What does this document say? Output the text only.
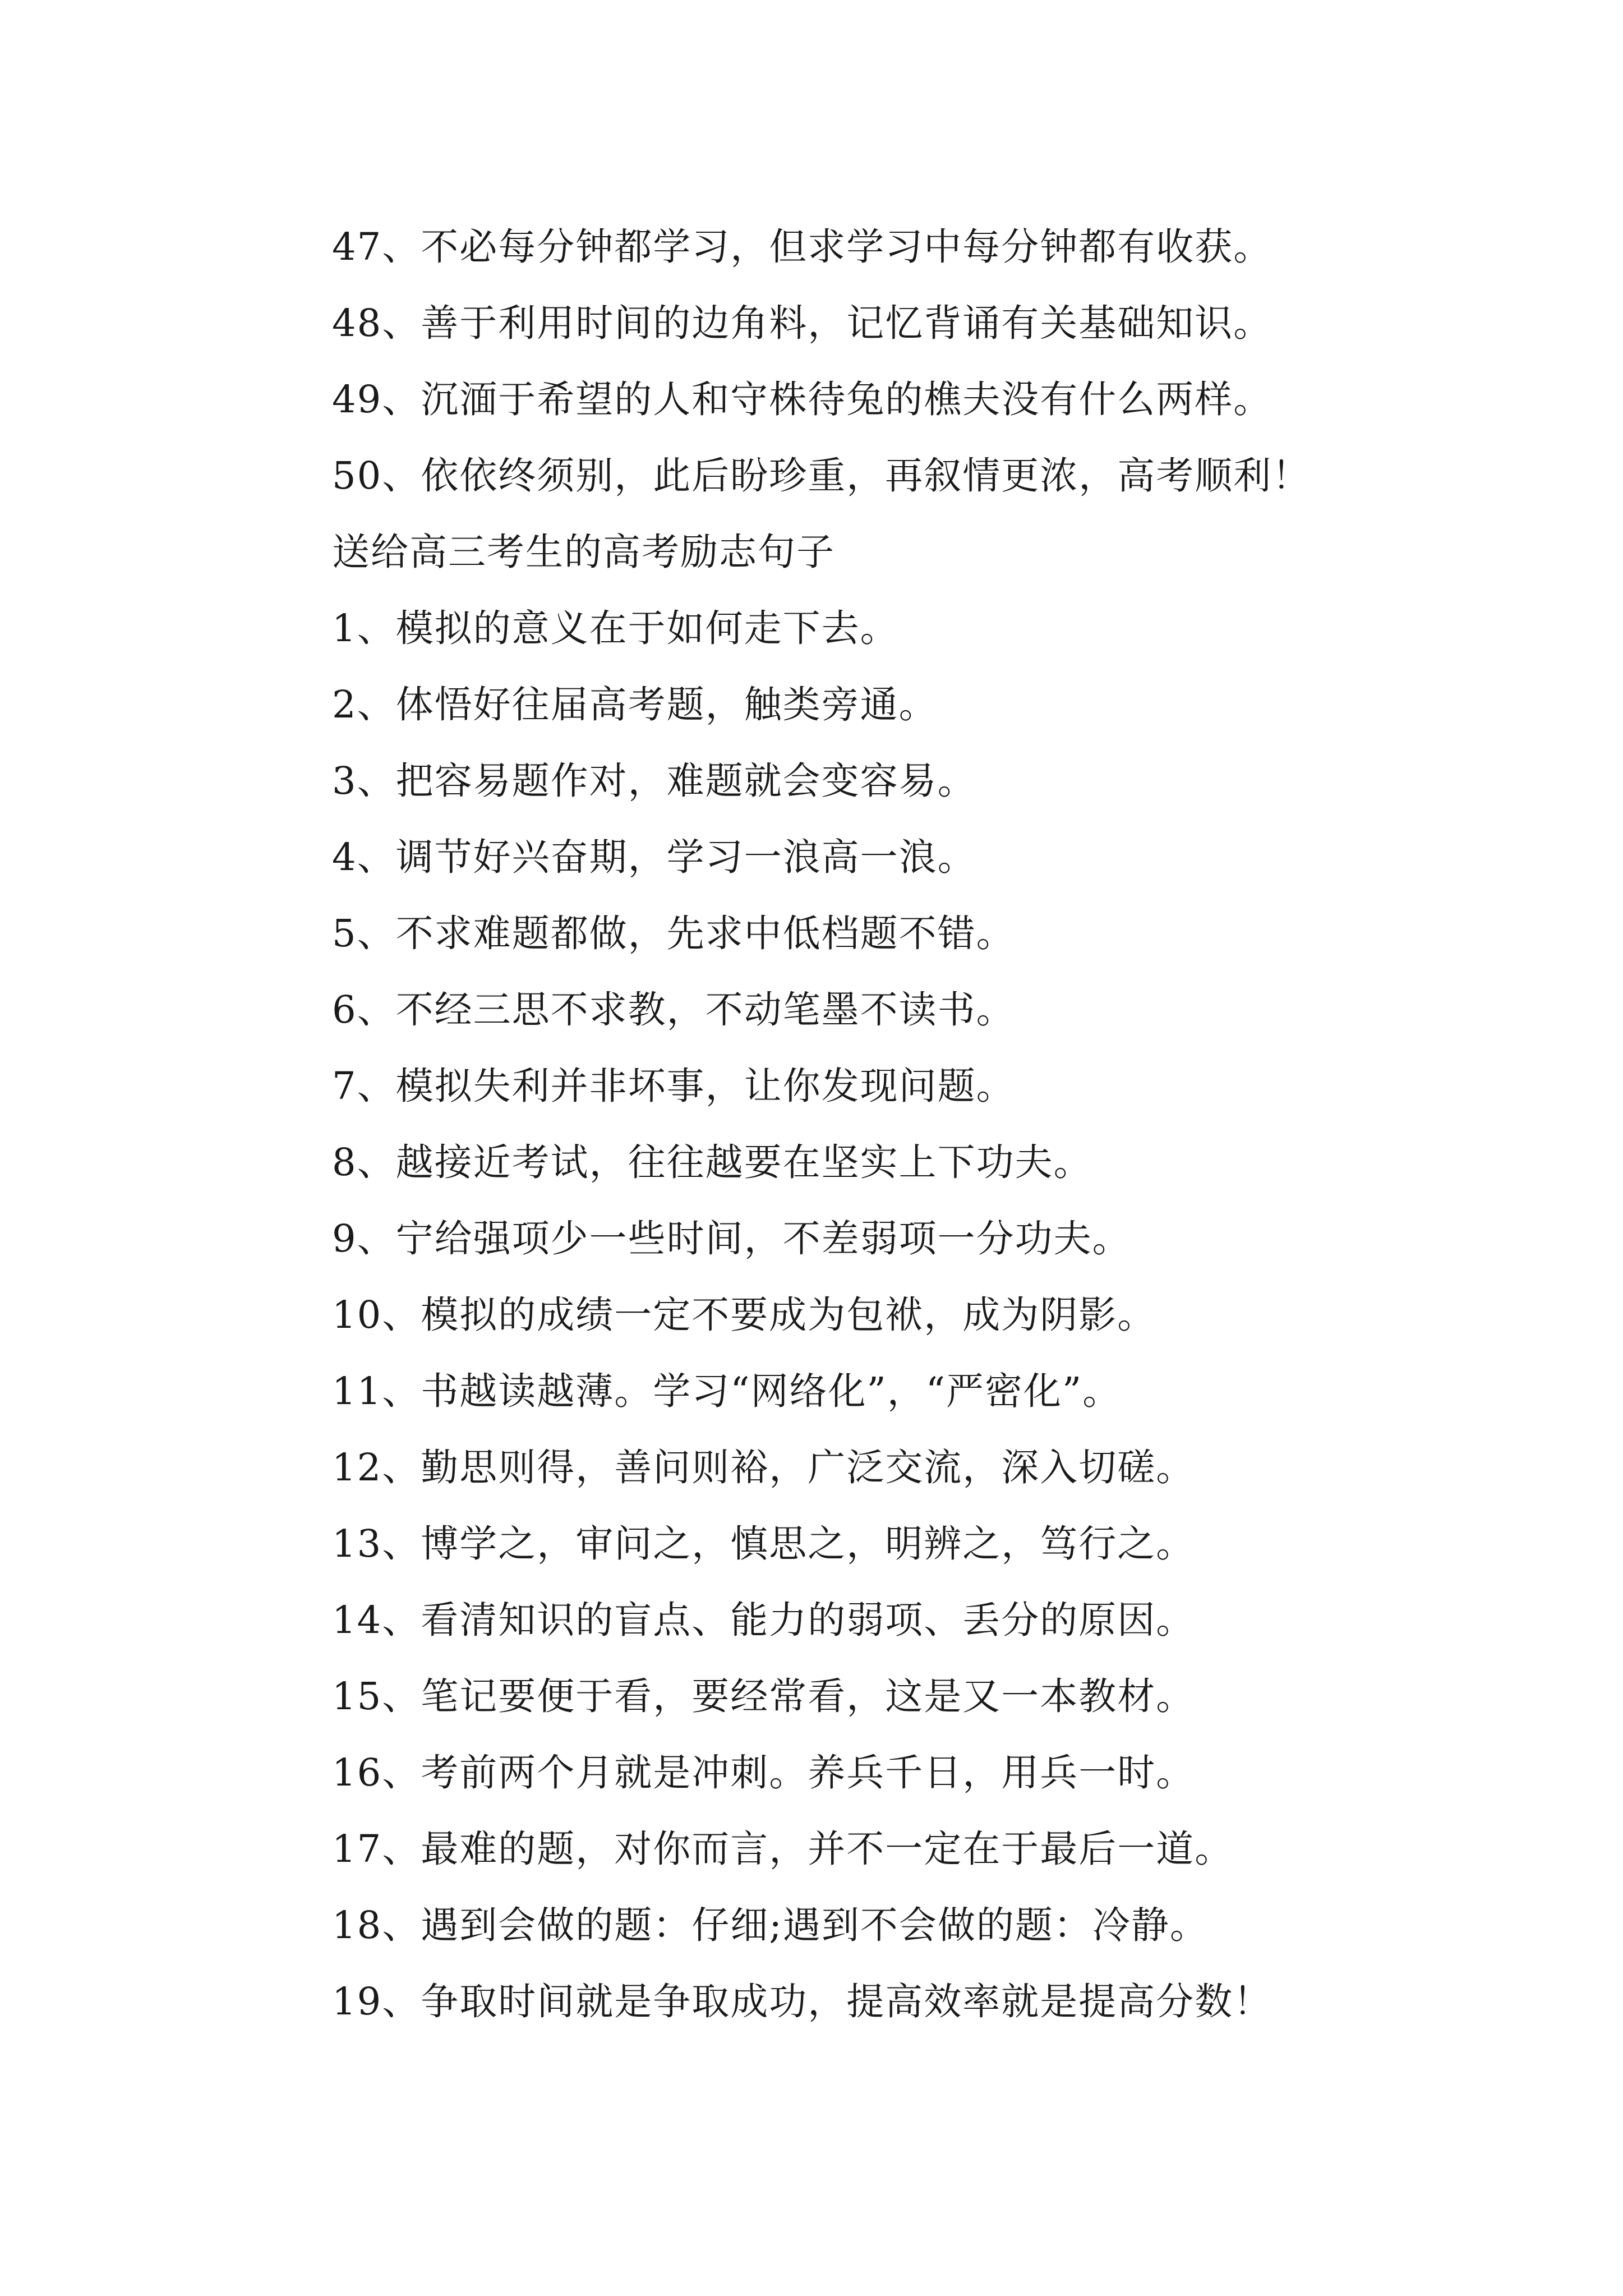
47、不必每分钟都学习，但求学习中每分钟都有收获。
48、善于利用时间的边角料，记忆背诵有关基础知识。
49、沉湎于希望的人和守株待兔的樵夫没有什么两样。
50、依依终须别，此后盼珍重，再叙情更浓，高考顺利！
送给高三考生的高考励志句子
1、模拟的意义在于如何走下去。
2、体悟好往届高考题，触类旁通。
3、把容易题作对，难题就会变容易。
4、调节好兴奋期，学习一浪高一浪。
5、不求难题都做，先求中低档题不错。
6、不经三思不求教，不动笔墨不读书。
7、模拟失利并非坏事，让你发现问题。
8、越接近考试，往往越要在坚实上下功夫。
9、宁给强项少一些时间，不差弱项一分功夫。
10、模拟的成绩一定不要成为包袱，成为阴影。
11、书越读越薄。学习“网络化”，“严密化”。
12、勤思则得，善问则裕，广泛交流，深入切磋。
13、博学之，审问之，慎思之，明辨之，笃行之。
14、看清知识的盲点、能力的弱项、丢分的原因。
15、笔记要便于看，要经常看，这是又一本教材。
16、考前两个月就是冲刺。养兵千日，用兵一时。
17、最难的题，对你而言，并不一定在于最后一道。
18、遇到会做的题：仔细;遇到不会做的题：冷静。
19、争取时间就是争取成功，提高效率就是提高分数！
